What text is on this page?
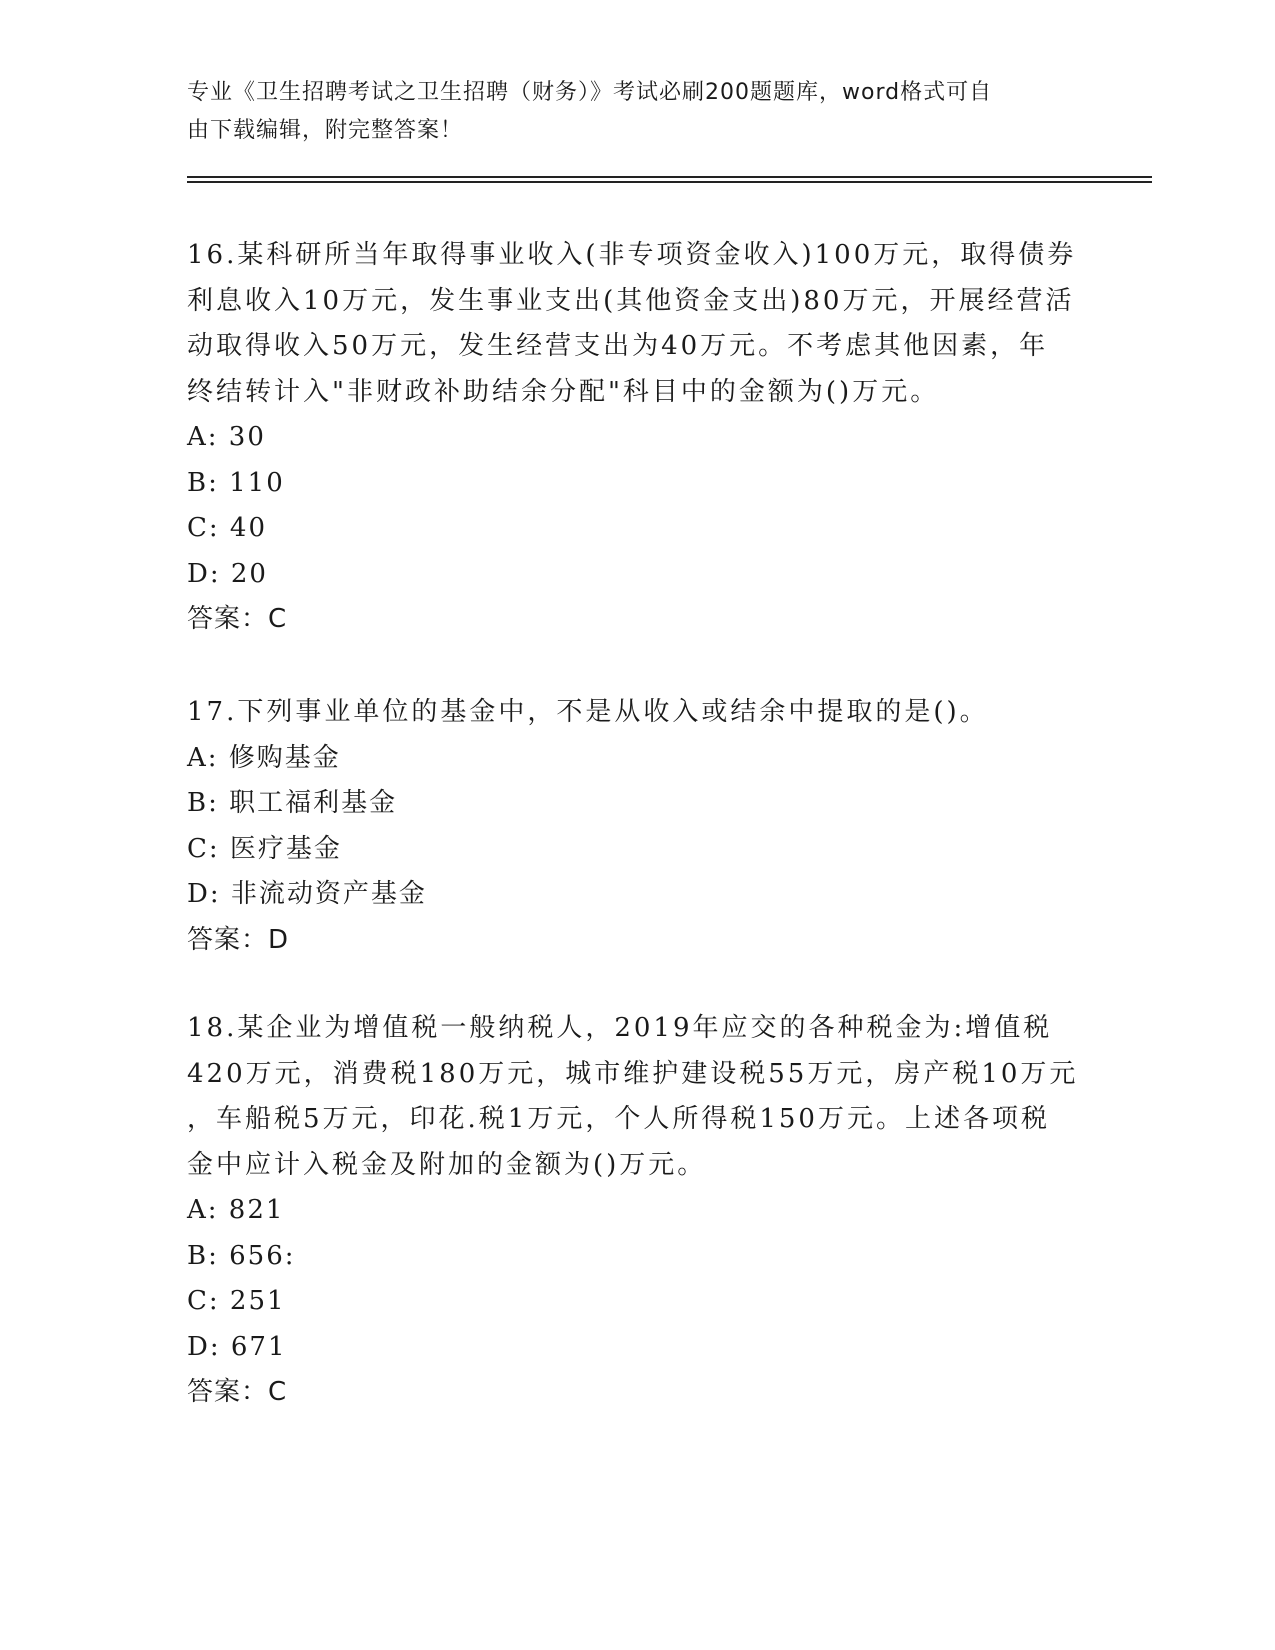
专业《卫生招聘考试之卫生招聘（财务）》考试必刷200题题库，word格式可自
由下载编辑，附完整答案！
16.某科研所当年取得事业收入(非专项资金收入)100万元，取得债券
利息收入10万元，发生事业支出(其他资金支出)80万元，开展经营活
动取得收入50万元，发生经营支出为40万元。不考虑其他因素，年
终结转计入"非财政补助结余分配"科目中的金额为()万元。
A: 30
B: 110
C: 40
D: 20
答案：C
17.下列事业单位的基金中，不是从收入或结余中提取的是()。
A: 修购基金
B: 职工福利基金
C: 医疗基金
D: 非流动资产基金
答案：D
18.某企业为增值税一般纳税人，2019年应交的各种税金为:增值税
420万元，消费税180万元，城市维护建设税55万元，房产税10万元
，车船税5万元，印花.税1万元，个人所得税150万元。上述各项税
金中应计入税金及附加的金额为()万元。
A: 821
B: 656:
C: 251
D: 671
答案：C
